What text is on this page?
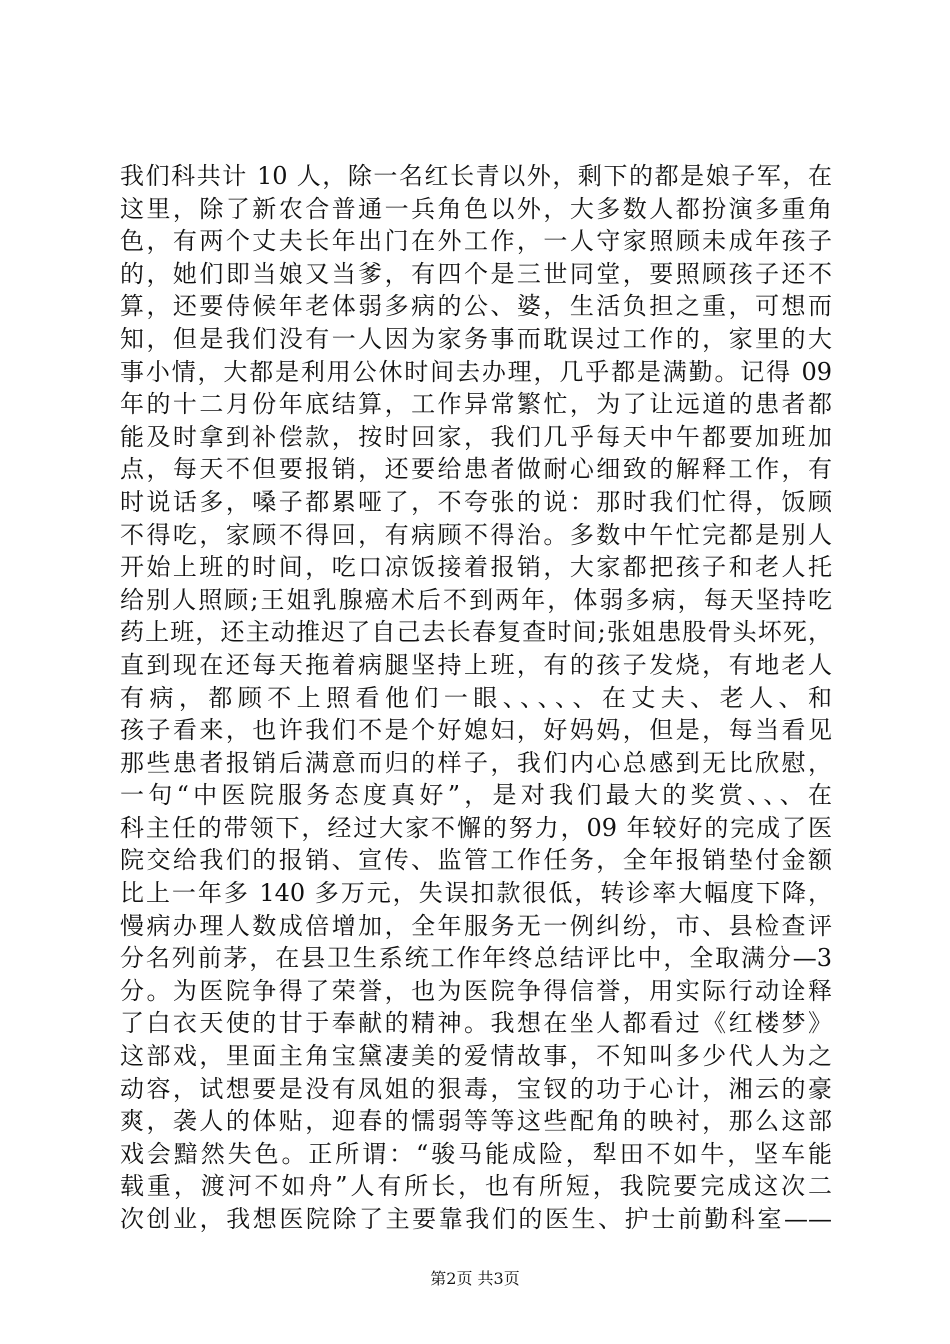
我们科共计 10 人，除一名红长青以外，剩下的都是娘子军，在
这里，除了新农合普通一兵角色以外，大多数人都扮演多重角
色，有两个丈夫长年出门在外工作，一人守家照顾未成年孩子
的，她们即当娘又当爹，有四个是三世同堂，要照顾孩子还不
算，还要侍候年老体弱多病的公、婆，生活负担之重，可想而
知，但是我们没有一人因为家务事而耽误过工作的，家里的大
事小情，大都是利用公休时间去办理，几乎都是满勤。记得 09
年的十二月份年底结算，工作异常繁忙，为了让远道的患者都
能及时拿到补偿款，按时回家，我们几乎每天中午都要加班加
点，每天不但要报销，还要给患者做耐心细致的解释工作，有
时说话多，嗓子都累哑了，不夸张的说：那时我们忙得，饭顾
不得吃，家顾不得回，有病顾不得治。多数中午忙完都是别人
开始上班的时间，吃口凉饭接着报销，大家都把孩子和老人托
给别人照顾;王姐乳腺癌术后不到两年，体弱多病，每天坚持吃
药上班，还主动推迟了自己去长春复查时间;张姐患股骨头坏死，
直到现在还每天拖着病腿坚持上班，有的孩子发烧，有地老人
有病，都顾不上照看他们一眼、、、、、在丈夫、老人、和
孩子看来，也许我们不是个好媳妇，好妈妈，但是，每当看见
那些患者报销后满意而归的样子，我们内心总感到无比欣慰，
一句“中医院服务态度真好”，是对我们最大的奖赏、、、在
科主任的带领下，经过大家不懈的努力，09 年较好的完成了医
院交给我们的报销、宣传、监管工作任务，全年报销垫付金额
比上一年多 140 多万元，失误扣款很低，转诊率大幅度下降，
慢病办理人数成倍增加，全年服务无一例纠纷，市、县检查评
分名列前茅，在县卫生系统工作年终总结评比中，全取满分—3
分。为医院争得了荣誉，也为医院争得信誉，用实际行动诠释
了白衣天使的甘于奉献的精神。我想在坐人都看过《红楼梦》
这部戏，里面主角宝黛凄美的爱情故事，不知叫多少代人为之
动容，试想要是没有凤姐的狠毒，宝钗的功于心计，湘云的豪
爽，袭人的体贴，迎春的懦弱等等这些配角的映衬，那么这部
戏会黯然失色。正所谓：“骏马能成险，犁田不如牛，坚车能
载重，渡河不如舟”人有所长，也有所短，我院要完成这次二
次创业，我想医院除了主要靠我们的医生、护士前勤科室——
第2页 共3页
